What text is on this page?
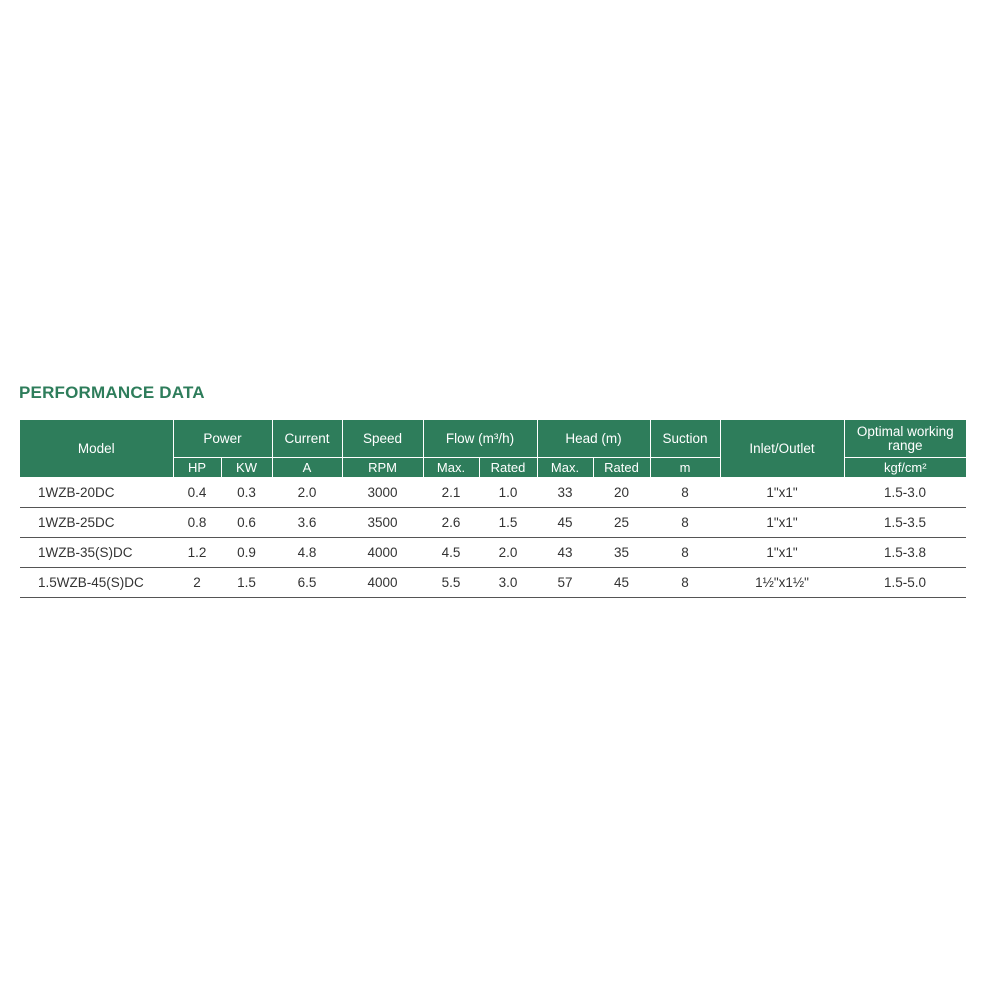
PERFORMANCE DATA
Model	Power		Current	Speed	Flow (m³/h)		Head (m)		Suction	Inlet/Outlet	Optimal working range
	HP	KW	A	RPM	Max.	Rated	Max.	Rated	m		kgf/cm²
1WZB-20DC	0.4	0.3	2.0	3000	2.1	1.0	33	20	8	1"x1"	1.5-3.0
1WZB-25DC	0.8	0.6	3.6	3500	2.6	1.5	45	25	8	1"x1"	1.5-3.5
1WZB-35(S)DC	1.2	0.9	4.8	4000	4.5	2.0	43	35	8	1"x1"	1.5-3.8
1.5WZB-45(S)DC	2	1.5	6.5	4000	5.5	3.0	57	45	8	1½"x1½"	1.5-5.0
